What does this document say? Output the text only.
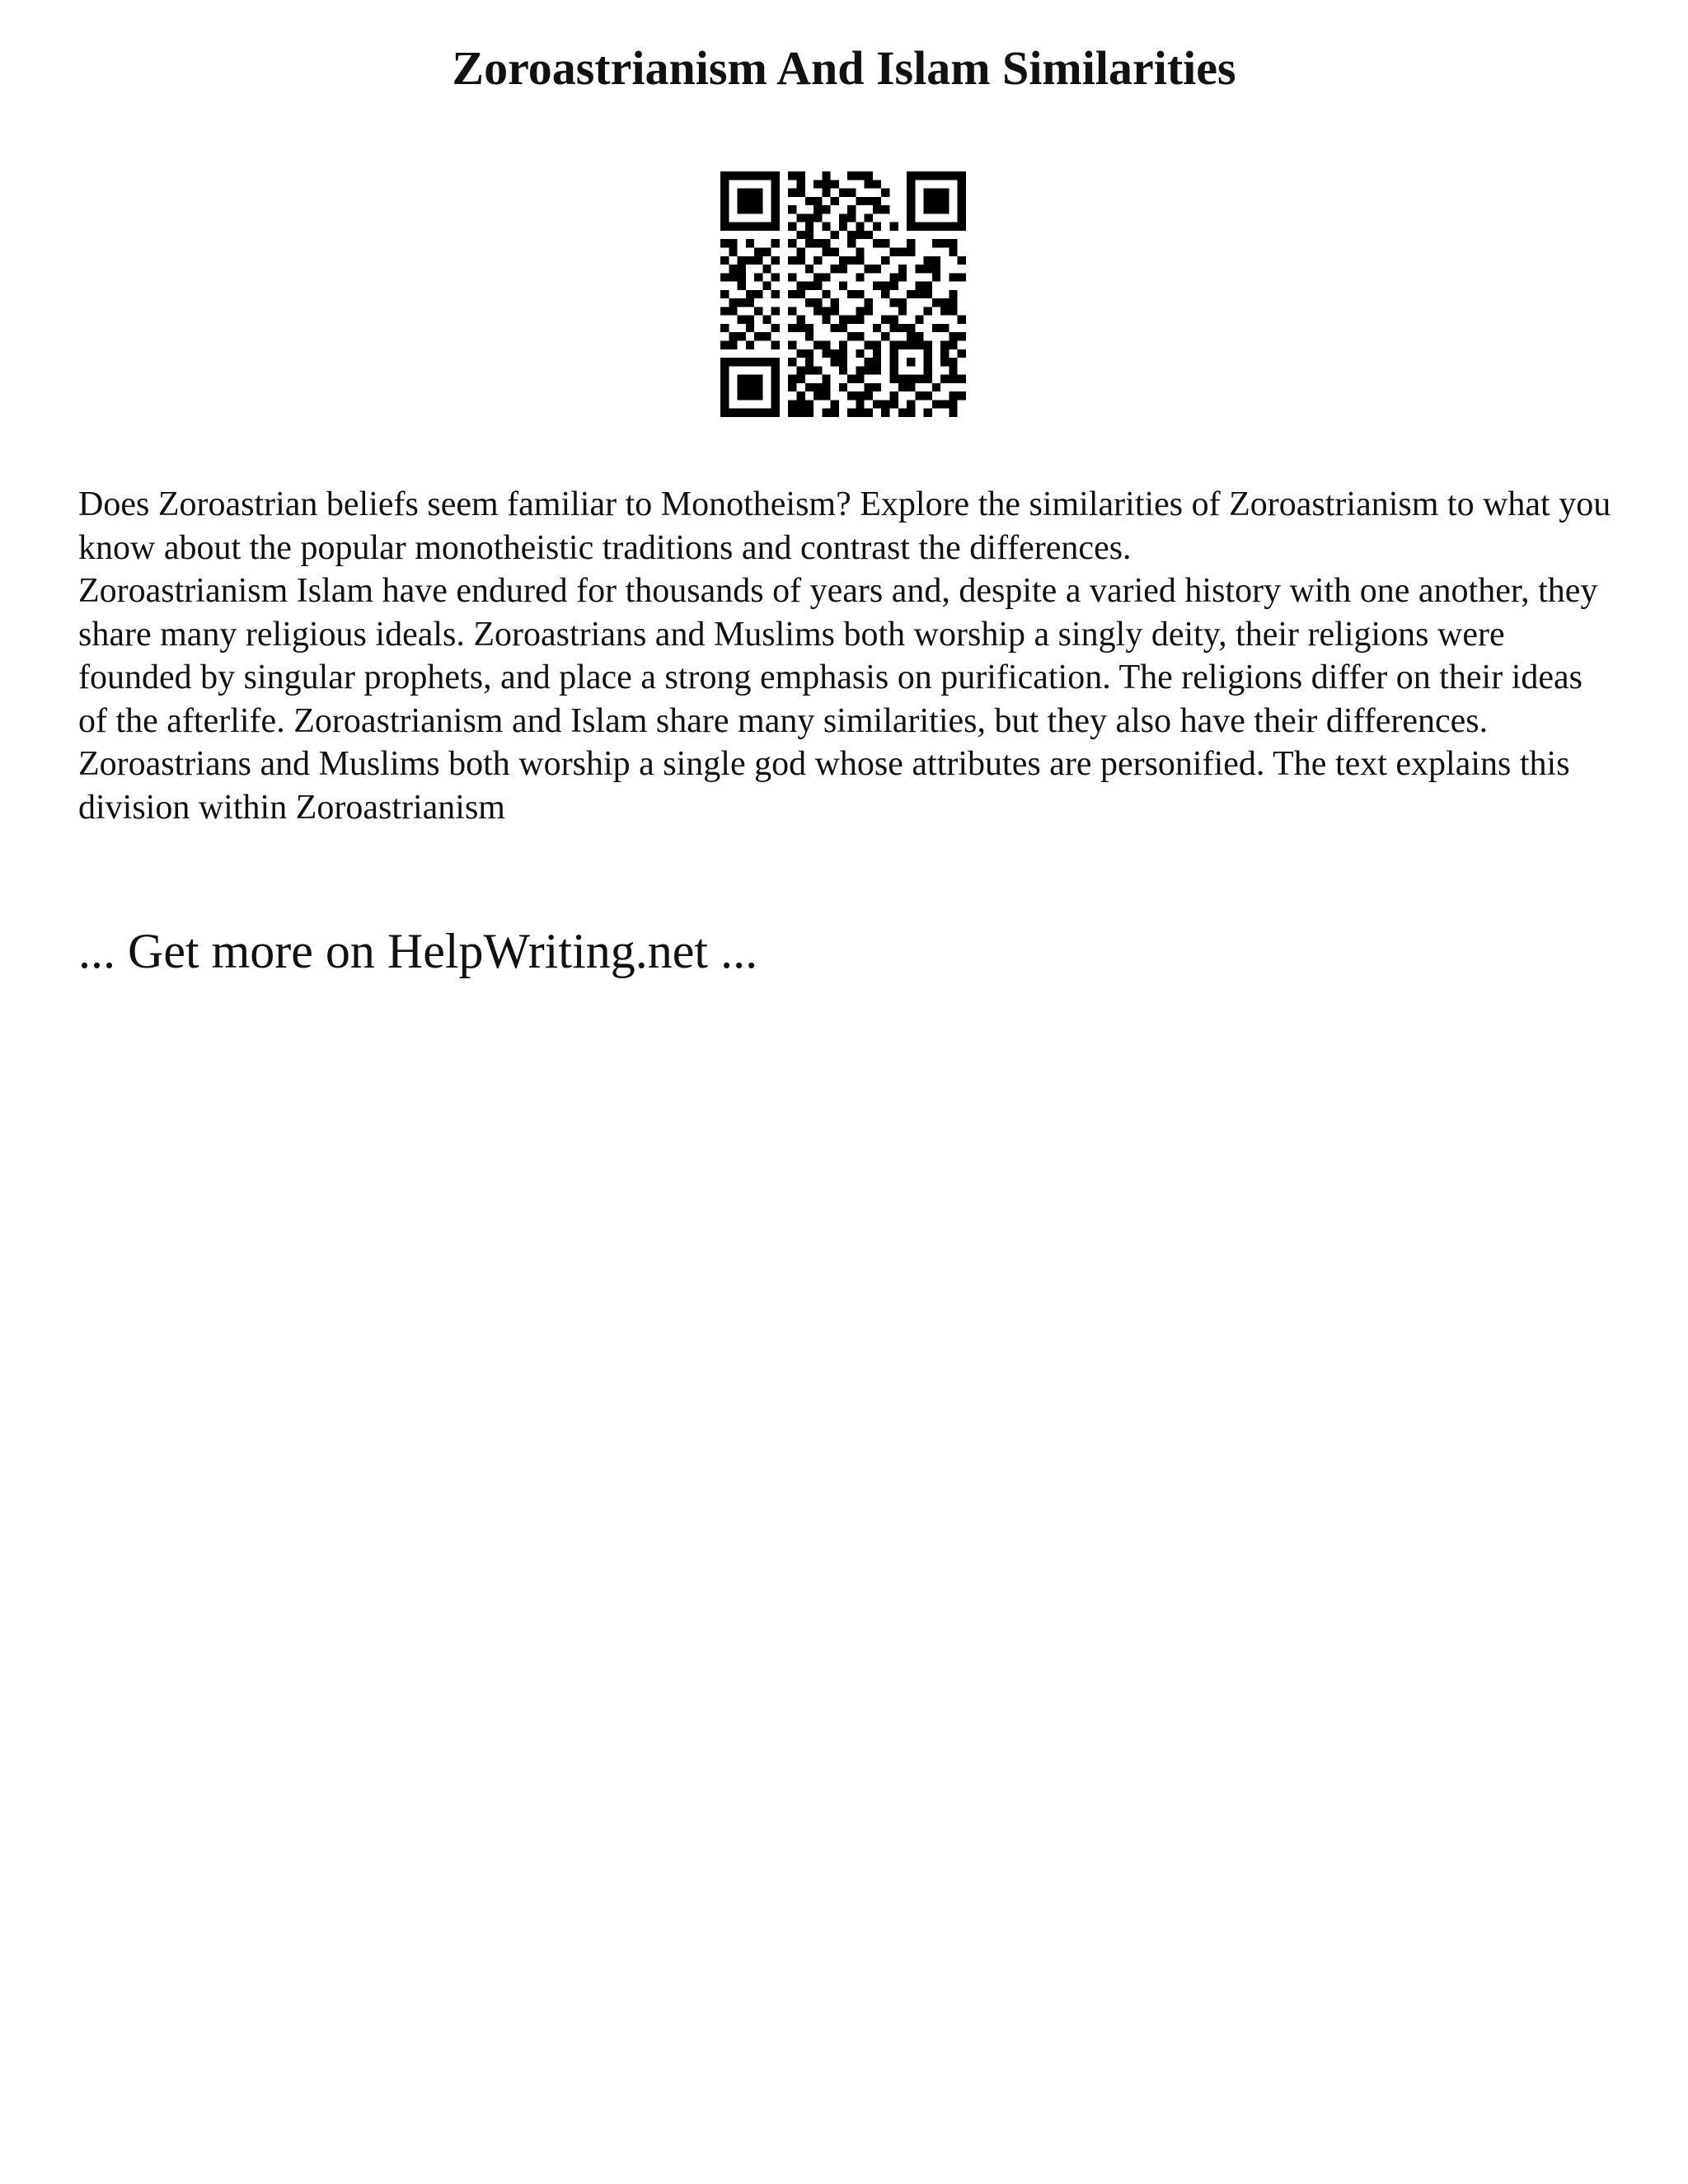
Zoroastrianism And Islam Similarities

Does Zoroastrian beliefs seem familiar to Monotheism? Explore the similarities of Zoroastrianism to what you know about the popular monotheistic traditions and contrast the differences.

Zoroastrianism Islam have endured for thousands of years and, despite a varied history with one another, they share many religious ideals. Zoroastrians and Muslims both worship a singly deity, their religions were founded by singular prophets, and place a strong emphasis on purification. The religions differ on their ideas of the afterlife. Zoroastrianism and Islam share many similarities, but they also have their differences.

Zoroastrians and Muslims both worship a single god whose attributes are personified. The text explains this division within Zoroastrianism

... Get more on HelpWriting.net ...
